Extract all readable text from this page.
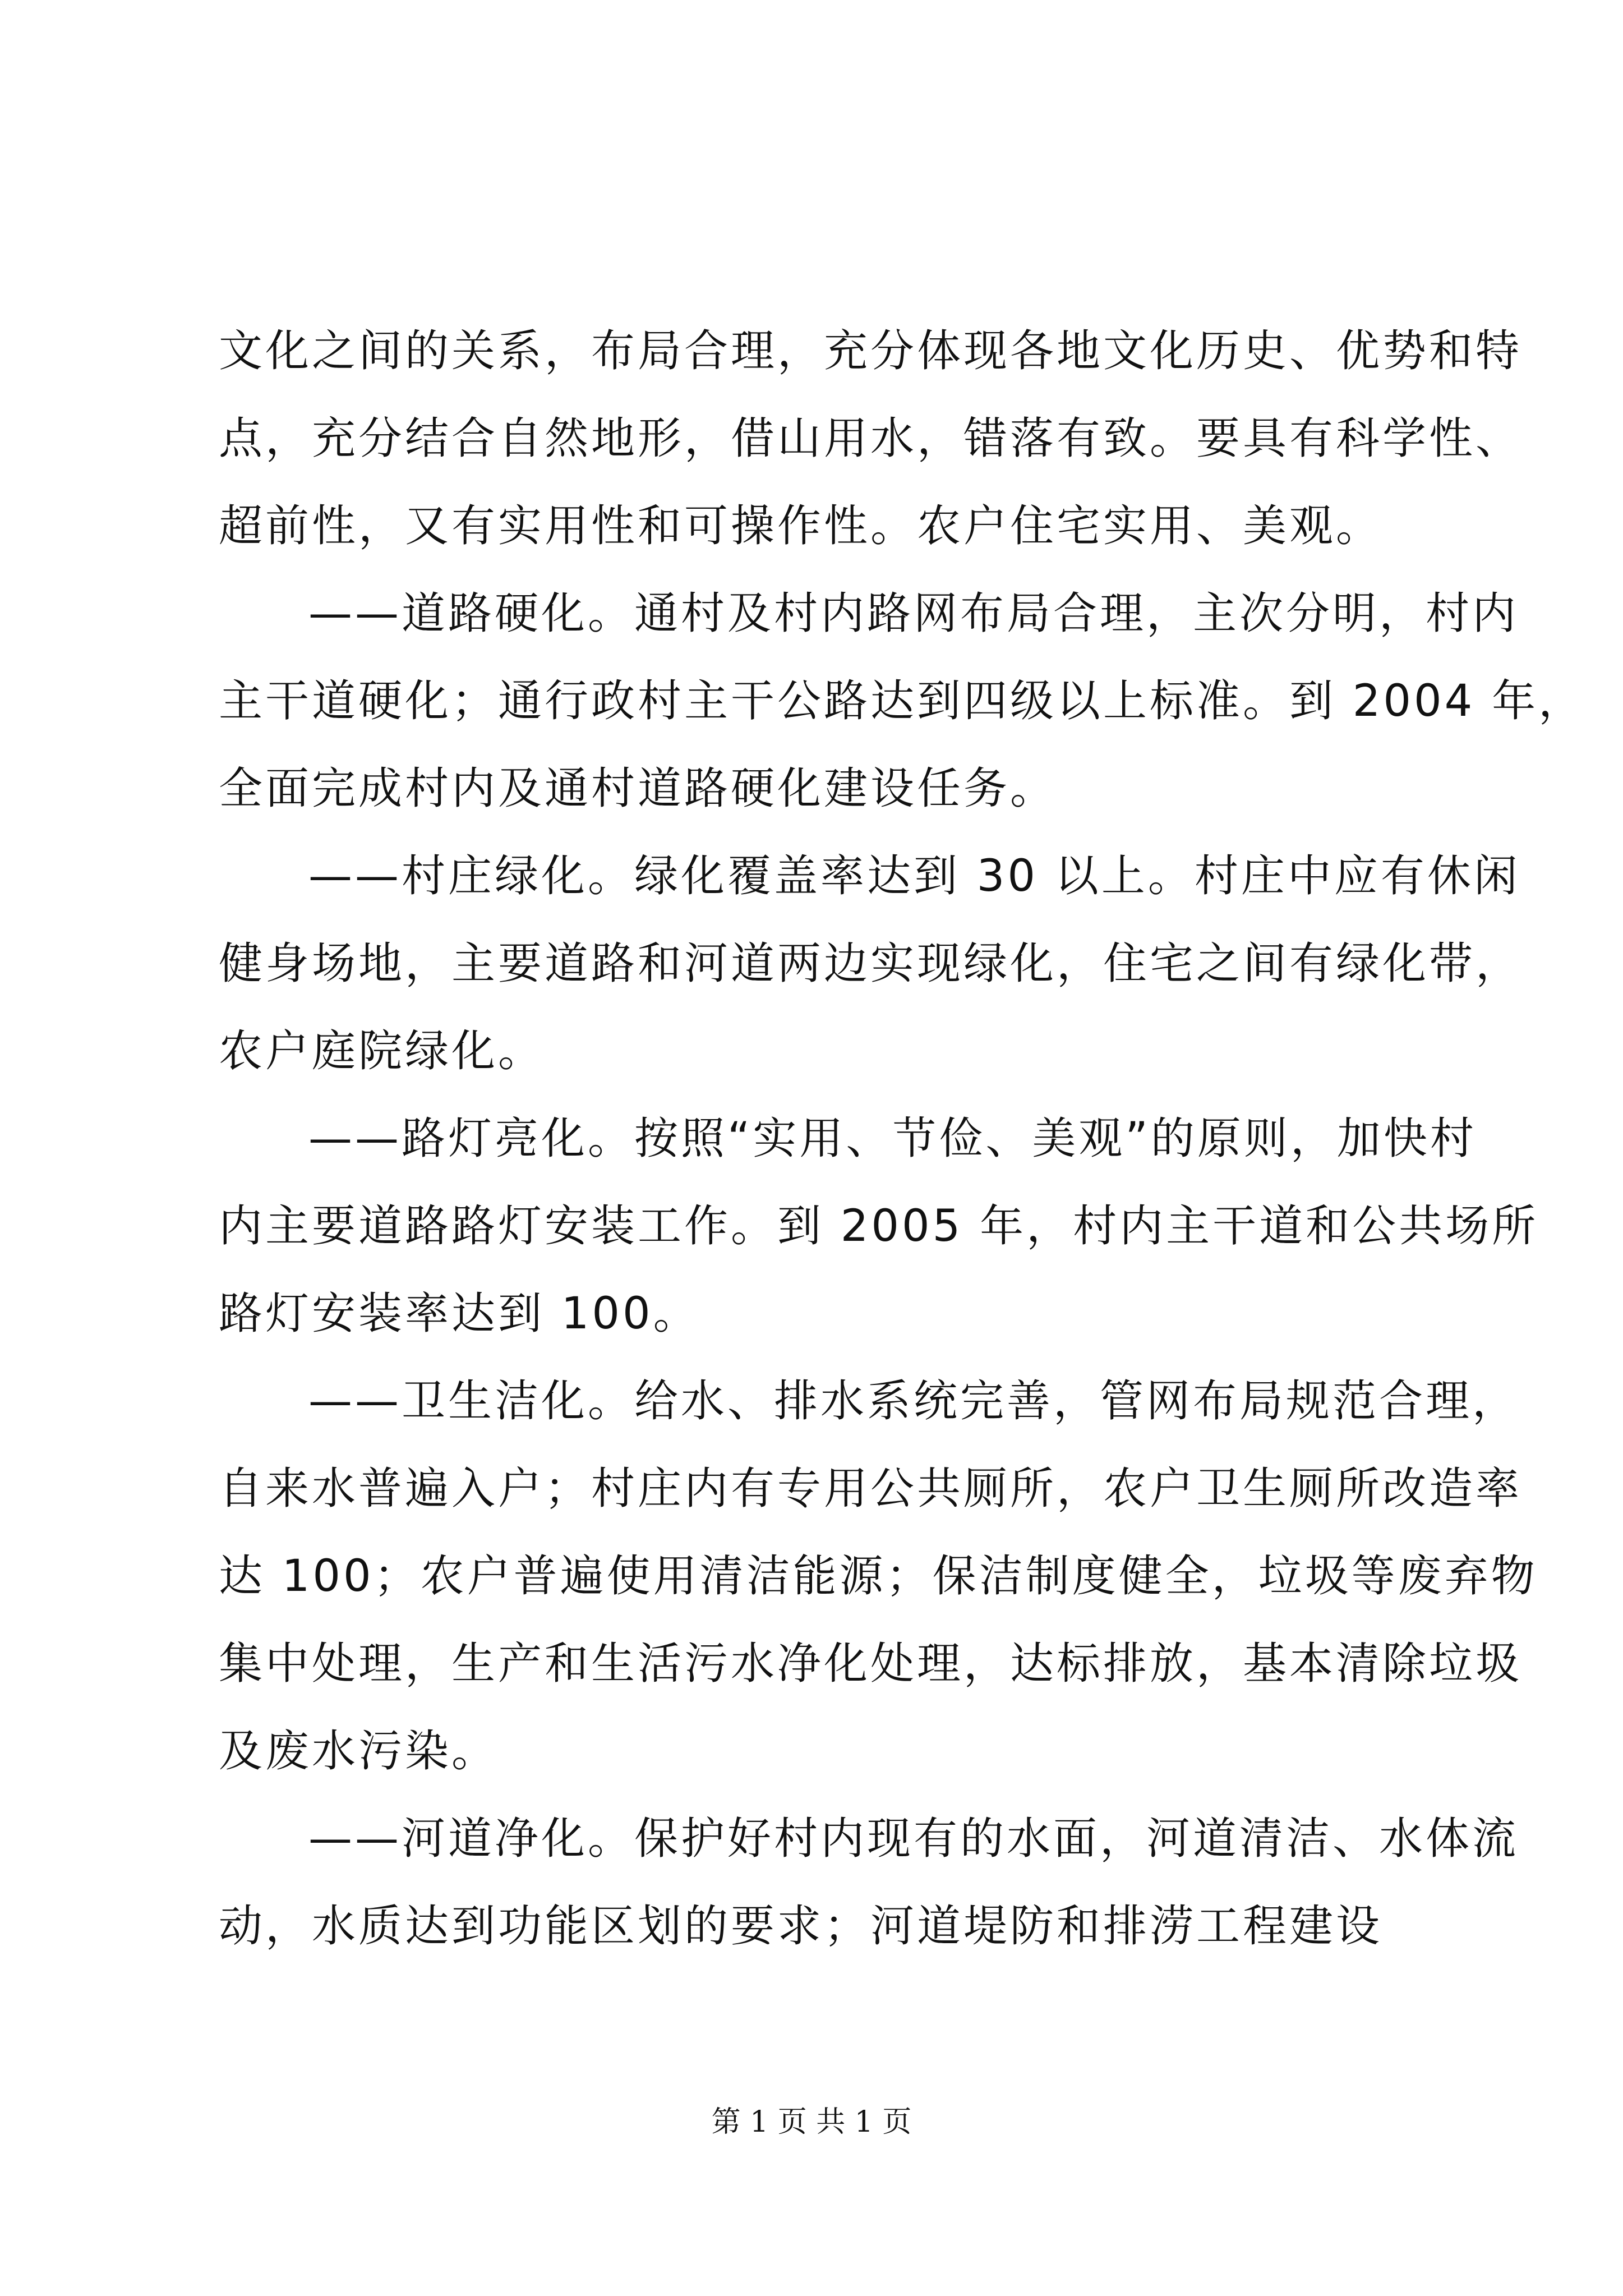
文化之间的关系，布局合理，充分体现各地文化历史、优势和特

点，充分结合自然地形，借山用水，错落有致。要具有科学性、

超前性，又有实用性和可操作性。农户住宅实用、美观。

——道路硬化。通村及村内路网布局合理，主次分明，村内

主干道硬化；通行政村主干公路达到四级以上标准。到 2004 年，

全面完成村内及通村道路硬化建设任务。

——村庄绿化。绿化覆盖率达到 30 以上。村庄中应有休闲

健身场地，主要道路和河道两边实现绿化，住宅之间有绿化带，

农户庭院绿化。

——路灯亮化。按照“实用、节俭、美观”的原则，加快村

内主要道路路灯安装工作。到 2005 年，村内主干道和公共场所

路灯安装率达到 100。

——卫生洁化。给水、排水系统完善，管网布局规范合理，

自来水普遍入户；村庄内有专用公共厕所，农户卫生厕所改造率

达 100；农户普遍使用清洁能源；保洁制度健全，垃圾等废弃物

集中处理，生产和生活污水净化处理，达标排放，基本清除垃圾

及废水污染。

——河道净化。保护好村内现有的水面，河道清洁、水体流

动，水质达到功能区划的要求；河道堤防和排涝工程建设

第 1 页 共 1 页
